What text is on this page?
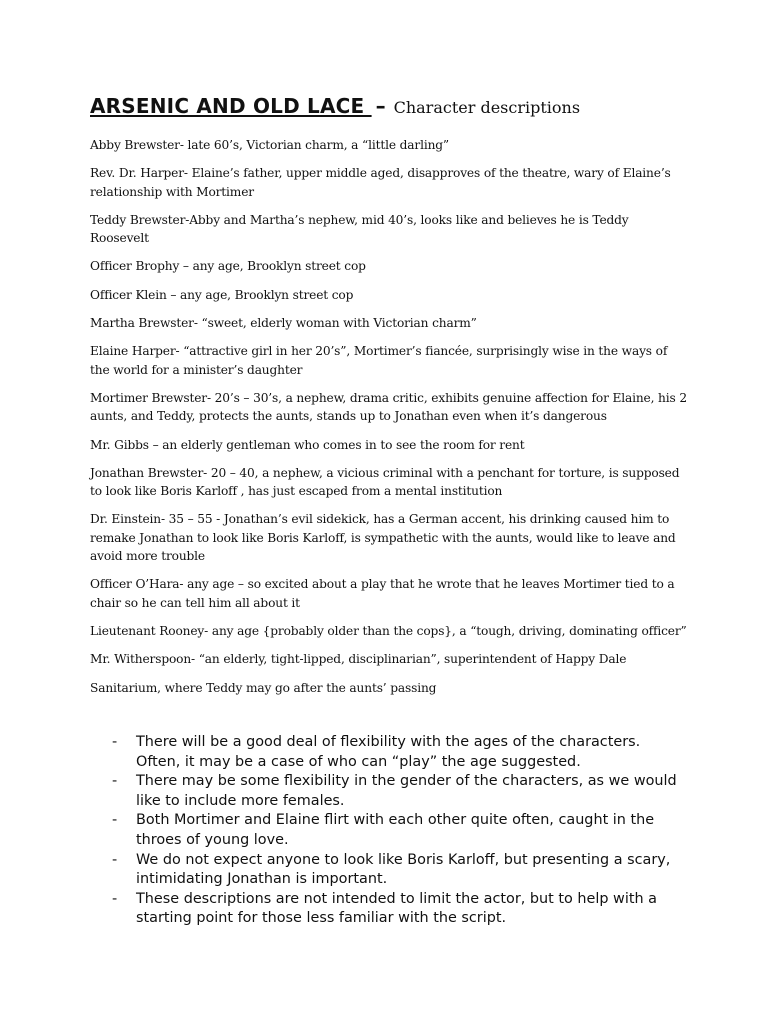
ARSENIC AND OLD LACE – Character descriptions

Abby Brewster- late 60’s, Victorian charm, a “little darling”

Rev. Dr. Harper- Elaine’s father, upper middle aged, disapproves of the theatre, wary of Elaine’s relationship with Mortimer

Teddy Brewster-Abby and Martha’s nephew, mid 40’s, looks like and believes he is Teddy Roosevelt

Officer Brophy – any age, Brooklyn street cop

Officer Klein – any age, Brooklyn street cop

Martha Brewster- “sweet, elderly woman with Victorian charm”

Elaine Harper- “attractive girl in her 20’s”, Mortimer’s fiancée, surprisingly wise in the ways of the world for a minister’s daughter

Mortimer Brewster- 20’s – 30’s, a nephew, drama critic, exhibits genuine affection for Elaine, his 2 aunts, and Teddy, protects the aunts, stands up to Jonathan even when it’s dangerous

Mr. Gibbs – an elderly gentleman who comes in to see the room for rent

Jonathan Brewster- 20 – 40, a nephew, a vicious criminal with a penchant for torture, is supposed to look like Boris Karloff , has just escaped from a mental institution

Dr. Einstein- 35 – 55 - Jonathan’s evil sidekick, has a German accent, his drinking caused him to remake Jonathan to look like Boris Karloff, is sympathetic with the aunts, would like to leave and avoid more trouble

Officer O’Hara- any age – so excited about a play that he wrote that he leaves Mortimer tied to a chair so he can tell him all about it

Lieutenant Rooney- any age {probably older than the cops}, a “tough, driving, dominating officer”

Mr. Witherspoon- “an elderly, tight-lipped, disciplinarian”, superintendent of Happy Dale

Sanitarium, where Teddy may go after the aunts’ passing

- There will be a good deal of flexibility with the ages of the characters. Often, it may be a case of who can “play” the age suggested.
- There may be some flexibility in the gender of the characters, as we would like to include more females.
- Both Mortimer and Elaine flirt with each other quite often, caught in the throes of young love.
- We do not expect anyone to look like Boris Karloff, but presenting a scary, intimidating Jonathan is important.
- These descriptions are not intended to limit the actor, but to help with a starting point for those less familiar with the script.
